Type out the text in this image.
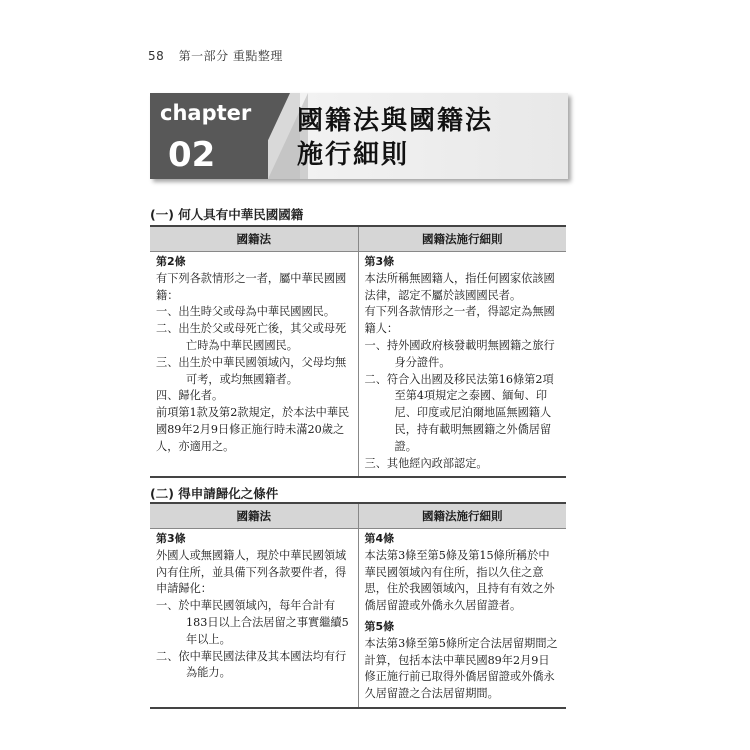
58 第一部分 重點整理
chapter
02
國籍法與國籍法
施行細則
(一) 何人具有中華民國國籍
國籍法	國籍法施行細則
第2條
有下列各款情形之一者，屬中華民國國籍：
一、出生時父或母為中華民國國民。
二、出生於父或母死亡後，其父或母死亡時為中華民國國民。
三、出生於中華民國領域內，父母均無可考，或均無國籍者。
四、歸化者。
前項第1款及第2款規定，於本法中華民國89年2月9日修正施行時未滿20歲之人，亦適用之。
第3條
本法所稱無國籍人，指任何國家依該國法律，認定不屬於該國國民者。
有下列各款情形之一者，得認定為無國籍人：
一、持外國政府核發載明無國籍之旅行身分證件。
二、符合入出國及移民法第16條第2項至第4項規定之泰國、緬甸、印尼、印度或尼泊爾地區無國籍人民，持有載明無國籍之外僑居留證。
三、其他經內政部認定。
(二) 得申請歸化之條件
國籍法	國籍法施行細則
第3條
外國人或無國籍人，現於中華民國領域內有住所，並具備下列各款要件者，得申請歸化：
一、於中華民國領域內，每年合計有183日以上合法居留之事實繼續5年以上。
二、依中華民國法律及其本國法均有行為能力。
第4條
本法第3條至第5條及第15條所稱於中華民國領域內有住所，指以久住之意思，住於我國領域內，且持有有效之外僑居留證或外僑永久居留證者。
第5條
本法第3條至第5條所定合法居留期間之計算，包括本法中華民國89年2月9日修正施行前已取得外僑居留證或外僑永久居留證之合法居留期間。
